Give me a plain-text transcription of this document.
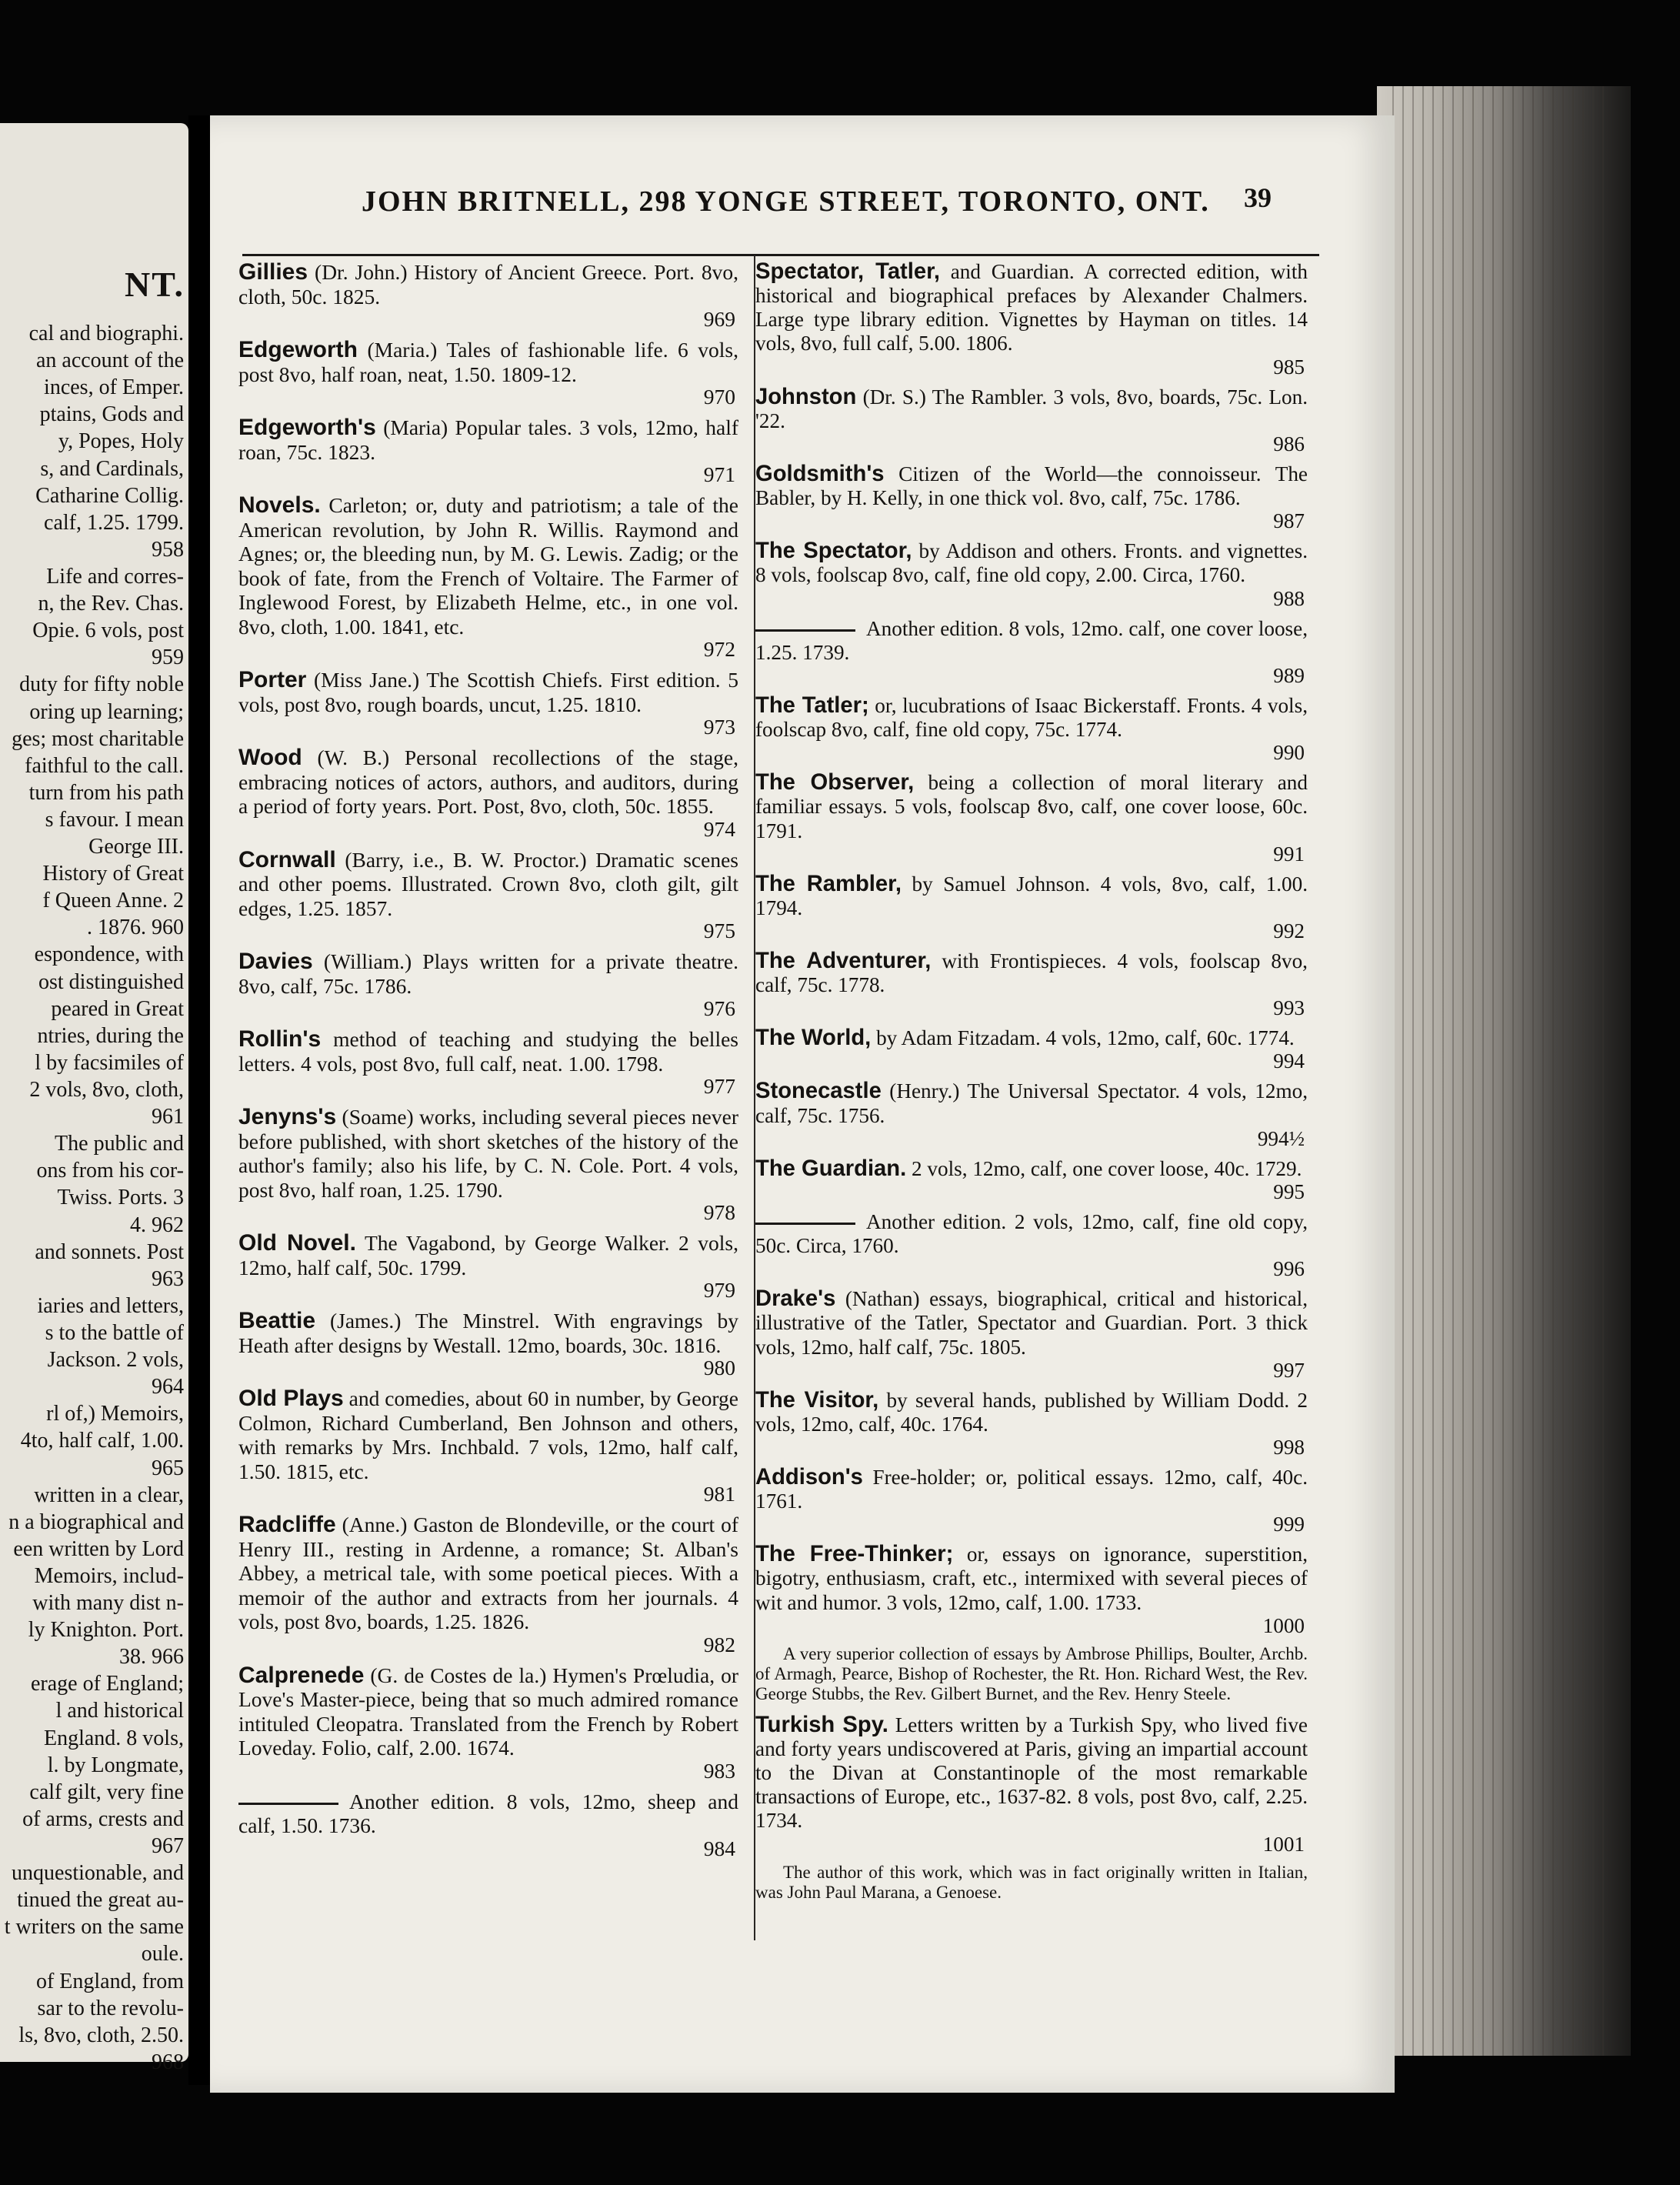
NT.
cal and biographi.
an account of the
inces, of Emper.
ptains, Gods and
y, Popes, Holy
s, and Cardinals,
Catharine Collig.
calf, 1.25. 1799.
958
Life and corres-
n, the Rev. Chas.
Opie. 6 vols, post
959
duty for fifty noble
oring up learning;
ges; most charitable
faithful to the call.
turn from his path
s favour. I mean
George III.
History of Great
f Queen Anne. 2
. 1876. 960
espondence, with
ost distinguished
peared in Great
ntries, during the
l by facsimiles of
2 vols, 8vo, cloth,
961
The public and
ons from his cor-
Twiss. Ports. 3
4. 962
and sonnets. Post
963
iaries and letters,
s to the battle of
Jackson. 2 vols,
964
rl of,) Memoirs,
4to, half calf, 1.00.
965
written in a clear,
n a biographical and
een written by Lord
Memoirs, includ-
with many dist n-
ly Knighton. Port.
38. 966
erage of England;
l and historical
England. 8 vols,
l. by Longmate,
calf gilt, very fine
of arms, crests and
967
unquestionable, and
tinued the great au-
t writers on the same
oule.
of England, from
sar to the revolu-
ls, 8vo, cloth, 2.50.
968
JOHN BRITNELL, 298 YONGE STREET, TORONTO, ONT. 39
Gillies (Dr. John.) History of Ancient Greece. Port. 8vo, cloth, 50c. 1825.
969
Edgeworth (Maria.) Tales of fashionable life. 6 vols, post 8vo, half roan, neat, 1.50. 1809-12.
970
Edgeworth's (Maria) Popular tales. 3 vols, 12mo, half roan, 75c. 1823.
971
Novels. Carleton; or, duty and patriotism; a tale of the American revolution, by John R. Willis. Raymond and Agnes; or, the bleeding nun, by M. G. Lewis. Zadig; or the book of fate, from the French of Voltaire. The Farmer of Inglewood Forest, by Elizabeth Helme, etc., in one vol. 8vo, cloth, 1.00. 1841, etc.
972
Porter (Miss Jane.) The Scottish Chiefs. First edition. 5 vols, post 8vo, rough boards, uncut, 1.25. 1810.
973
Wood (W. B.) Personal recollections of the stage, embracing notices of actors, authors, and auditors, during a period of forty years. Port. Post, 8vo, cloth, 50c. 1855.
974
Cornwall (Barry, i.e., B. W. Proctor.) Dramatic scenes and other poems. Illustrated. Crown 8vo, cloth gilt, gilt edges, 1.25. 1857.
975
Davies (William.) Plays written for a private theatre. 8vo, calf, 75c. 1786.
976
Rollin's method of teaching and studying the belles letters. 4 vols, post 8vo, full calf, neat. 1.00. 1798.
977
Jenyns's (Soame) works, including several pieces never before published, with short sketches of the history of the author's family; also his life, by C. N. Cole. Port. 4 vols, post 8vo, half roan, 1.25. 1790.
978
Old Novel. The Vagabond, by George Walker. 2 vols, 12mo, half calf, 50c. 1799.
979
Beattie (James.) The Minstrel. With engravings by Heath after designs by Westall. 12mo, boards, 30c. 1816.
980
Old Plays and comedies, about 60 in number, by George Colmon, Richard Cumberland, Ben Johnson and others, with remarks by Mrs. Inchbald. 7 vols, 12mo, half calf, 1.50. 1815, etc.
981
Radcliffe (Anne.) Gaston de Blondeville, or the court of Henry III., resting in Ardenne, a romance; St. Alban's Abbey, a metrical tale, with some poetical pieces. With a memoir of the author and extracts from her journals. 4 vols, post 8vo, boards, 1.25. 1826.
982
Calprenede (G. de Costes de la.) Hymen's Prœludia, or Love's Master-piece, being that so much admired romance intituled Cleopatra. Translated from the French by Robert Loveday. Folio, calf, 2.00. 1674.
983
Another edition. 8 vols, 12mo, sheep and calf, 1.50. 1736.
984
Spectator, Tatler, and Guardian. A corrected edition, with historical and biographical prefaces by Alexander Chalmers. Large type library edition. Vignettes by Hayman on titles. 14 vols, 8vo, full calf, 5.00. 1806.
985
Johnston (Dr. S.) The Rambler. 3 vols, 8vo, boards, 75c. Lon. '22.
986
Goldsmith's Citizen of the World—the connoisseur. The Babler, by H. Kelly, in one thick vol. 8vo, calf, 75c. 1786.
987
The Spectator, by Addison and others. Fronts. and vignettes. 8 vols, foolscap 8vo, calf, fine old copy, 2.00. Circa, 1760.
988
Another edition. 8 vols, 12mo. calf, one cover loose, 1.25. 1739.
989
The Tatler; or, lucubrations of Isaac Bickerstaff. Fronts. 4 vols, foolscap 8vo, calf, fine old copy, 75c. 1774.
990
The Observer, being a collection of moral literary and familiar essays. 5 vols, foolscap 8vo, calf, one cover loose, 60c. 1791.
991
The Rambler, by Samuel Johnson. 4 vols, 8vo, calf, 1.00. 1794.
992
The Adventurer, with Frontispieces. 4 vols, foolscap 8vo, calf, 75c. 1778.
993
The World, by Adam Fitzadam. 4 vols, 12mo, calf, 60c. 1774.
994
Stonecastle (Henry.) The Universal Spectator. 4 vols, 12mo, calf, 75c. 1756.
994½
The Guardian. 2 vols, 12mo, calf, one cover loose, 40c. 1729.
995
Another edition. 2 vols, 12mo, calf, fine old copy, 50c. Circa, 1760.
996
Drake's (Nathan) essays, biographical, critical and historical, illustrative of the Tatler, Spectator and Guardian. Port. 3 thick vols, 12mo, half calf, 75c. 1805.
997
The Visitor, by several hands, published by William Dodd. 2 vols, 12mo, calf, 40c. 1764.
998
Addison's Free-holder; or, political essays. 12mo, calf, 40c. 1761.
999
The Free-Thinker; or, essays on ignorance, superstition, bigotry, enthusiasm, craft, etc., intermixed with several pieces of wit and humor. 3 vols, 12mo, calf, 1.00. 1733.
1000
A very superior collection of essays by Ambrose Phillips, Boulter, Archb. of Armagh, Pearce, Bishop of Rochester, the Rt. Hon. Richard West, the Rev. George Stubbs, the Rev. Gilbert Burnet, and the Rev. Henry Steele.
Turkish Spy. Letters written by a Turkish Spy, who lived five and forty years undiscovered at Paris, giving an impartial account to the Divan at Constantinople of the most remarkable transactions of Europe, etc., 1637-82. 8 vols, post 8vo, calf, 2.25. 1734.
1001
The author of this work, which was in fact originally written in Italian, was John Paul Marana, a Genoese.
